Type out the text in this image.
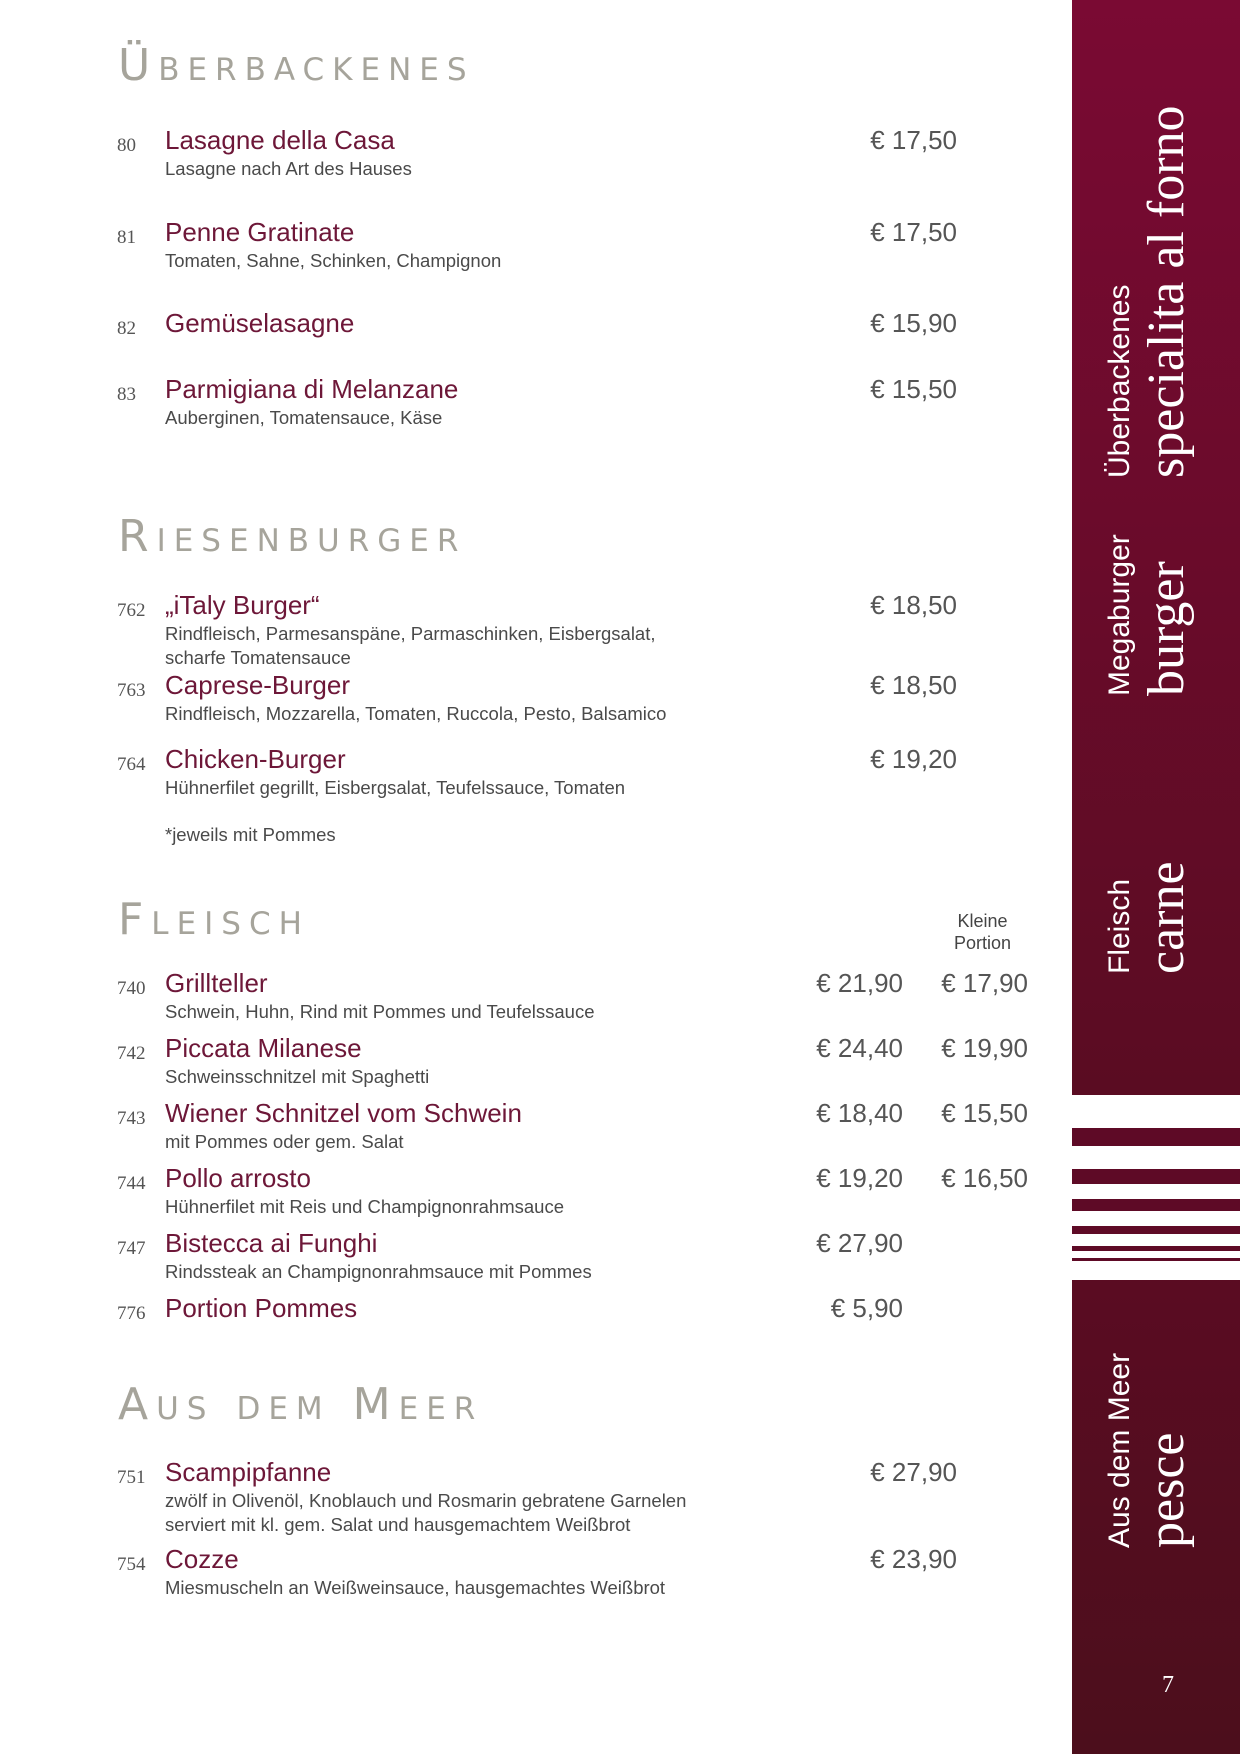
Überbackenes
80 Lasagne della Casa
Lasagne nach Art des Hauses
€ 17,50
81 Penne Gratinate
Tomaten, Sahne, Schinken, Champignon
€ 17,50
82 Gemüselasagne	€ 15,90
83 Parmigiana di Melanzane
Auberginen, Tomatensauce, Käse
€ 15,50
Riesenburger
762 „iTaly Burger“
Rindfleisch, Parmesanspäne, Parmaschinken, Eisbergsalat,
scharfe Tomatensauce
€ 18,50
763 Caprese-Burger
Rindfleisch, Mozzarella, Tomaten, Ruccola, Pesto, Balsamico
€ 18,50
764 Chicken-Burger
Hühnerfilet gegrillt, Eisbergsalat, Teufelssauce, Tomaten
€ 19,20
*jeweils mit Pommes
Fleisch	Kleine
Portion
740 Grillteller
Schwein, Huhn, Rind mit Pommes und Teufelssauce
€ 21,90 € 17,90
742 Piccata Milanese
Schweinsschnitzel mit Spaghetti
€ 24,40 € 19,90
743 Wiener Schnitzel vom Schwein
mit Pommes oder gem. Salat
€ 18,40 € 15,50
744 Pollo arrosto
Hühnerfilet mit Reis und Champignonrahmsauce
€ 19,20 € 16,50
747 Bistecca ai Funghi
Rindssteak an Champignonrahmsauce mit Pommes
€ 27,90
776 Portion Pommes	€ 5,90
Aus dem Meer
751 Scampipfanne
zwölf in Olivenöl, Knoblauch und Rosmarin gebratene Garnelen
serviert mit kl. gem. Salat und hausgemachtem Weißbrot
€ 27,90
754 Cozze
Miesmuscheln an Weißweinsauce, hausgemachtes Weißbrot
€ 23,90
Überbackenes specialita al forno
Megaburger burger
Fleisch carne
Aus dem Meer pesce
7
